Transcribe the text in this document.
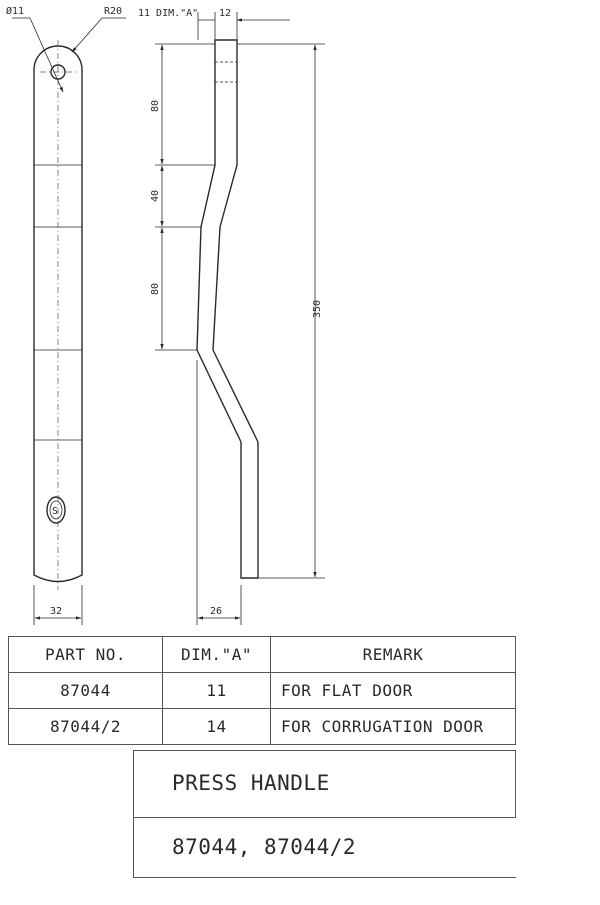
Ø11	R20
S
32
11 DIM."A" 12
80
40
80
350
26
PART NO.	DIM."A"	REMARK
87044	11	FOR FLAT DOOR
87044/2	14	FOR CORRUGATION DOOR
PRESS HANDLE
87044, 87044/2
